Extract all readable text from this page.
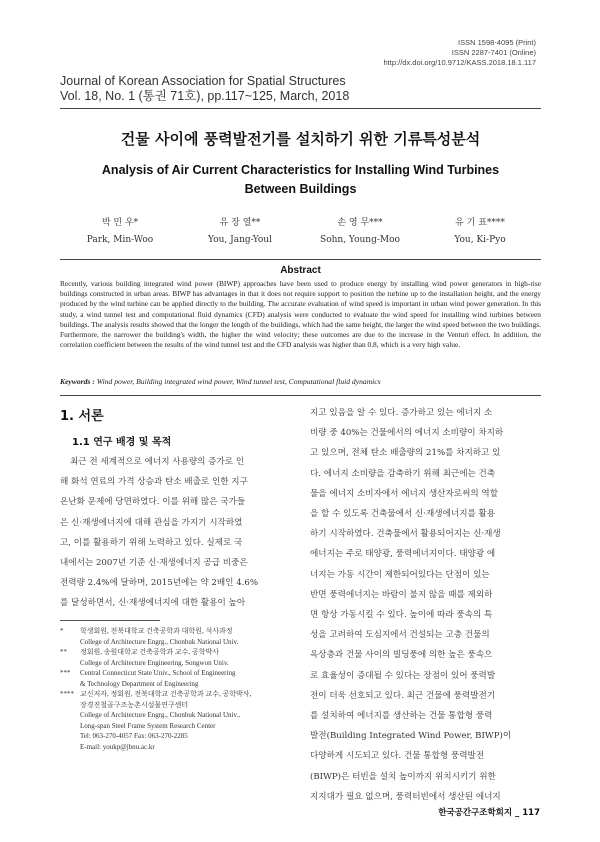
ISSN 1598-4095 (Print)
ISSN 2287-7401 (Online)
http://dx.doi.org/10.9712/KASS.2018.18.1.117
Journal of Korean Association for Spatial Structures
Vol. 18, No. 1 (통권 71호), pp.117~125, March, 2018
건물 사이에 풍력발전기를 설치하기 위한 기류특성분석
Analysis of Air Current Characteristics for Installing Wind Turbines
Between Buildings
박 민 우*
Park, Min-Woo
유 장 열**
You, Jang-Youl
손 영 무***
Sohn, Young-Moo
유 기 표****
You, Ki-Pyo
Abstract
Recently, various building integrated wind power (BIWP) approaches have been used to produce energy by installing wind power generators in high-rise buildings constructed in urban areas. BIWP has advantages in that it does not require support to position the turbine up to the installation height, and the energy produced by the wind turbine can be applied directly to the building. The accurate evaluation of wind speed is important in urban wind power generation. In this study, a wind tunnel test and computational fluid dynamics (CFD) analysis were conducted to evaluate the wind speed for installing wind turbines between buildings. The analysis results showed that the longer the length of the buildings, which had the same height, the larger the wind speed between the two buildings. Furthermore, the narrower the building's width, the higher the wind velocity; these outcomes are due to the increase in the Venturi effect. In addition, the correlation coefficient between the results of the wind tunnel test and the CFD analysis was higher than 0.8, which is a very high value.
Keywords : Wind power, Building integrated wind power, Wind tunnel test, Computational fluid dynamics
1. 서론
1.1 연구 배경 및 목적
최근 전 세계적으로 에너지 사용량의 증가로 인
해 화석 연료의 가격 상승과 탄소 배출로 인한 지구
온난화 문제에 당면하였다. 이를 위해 많은 국가들
은 신·재생에너지에 대해 관심을 가지기 시작하였
고, 이를 활용하기 위해 노력하고 있다. 실제로 국
내에서는 2007년 기준 신·재생에너지 공급 비중은
전력량 2.4%에 달하며, 2015년에는 약 2배인 4.6%
를 달성하면서, 신·재생에너지에 대한 활용이 높아
*	학생회원, 전북대학교 건축공학과 대학원, 석사과정
College of Architecture Engrg., Chonbuk National Univ.
**	정회원, 송원대학교 건축공학과 교수, 공학박사
College of Architecture Engineering, Songwon Univ.
***	Central Connecticut State Univ., School of Engineering
& Technology Department of Engineering
**** 교신저자, 정회원, 전북대학교 건축공학과 교수, 공학박사,
장경진철골구조농촌시설물연구센터
College of Architecture Engrg., Chonbuk National Univ.,
Long-span Steel Frame System Research Center
Tel: 063-270-4057 Fax: 063-270-2285
E-mail: youkp@jbnu.ac.kr
지고 있음을 알 수 있다. 증가하고 있는 에너지 소
비량 중 40%는 건물에서의 에너지 소비량이 차지하
고 있으며, 전체 탄소 배출량의 21%를 차지하고 있
다. 에너지 소비량을 감축하기 위해 최근에는 건축
물을 에너지 소비자에서 에너지 생산자로써의 역할
을 할 수 있도록 건축물에서 신·재생에너지를 활용
하기 시작하였다. 건축물에서 활용되어지는 신·재생
에너지는 주로 태양광, 풍력에너지이다. 태양광 에
너지는 가동 시간이 제한되어있다는 단점이 있는
반면 풍력에너지는 바람이 불지 않을 때를 제외하
면 항상 가동시킬 수 있다. 높이에 따라 풍속의 특
성을 고려하여 도심지에서 건설되는 고층 건물의
옥상층과 건물 사이의 빌딩풍에 의한 높은 풍속으
로 효율성이 증대될 수 있다는 장점이 있어 풍력발
전이 더욱 선호되고 있다. 최근 건물에 풍력발전기
를 설치하여 에너지를 생산하는 건물 통합형 풍력
발전(Building Integrated Wind Power, BIWP)이
다양하게 시도되고 있다. 건물 통합형 풍력발전
(BIWP)은 터빈을 설치 높이까지 위치시키기 위한
지지대가 필요 없으며, 풍력터빈에서 생산된 에너지
한국공간구조학회지 _ 117
